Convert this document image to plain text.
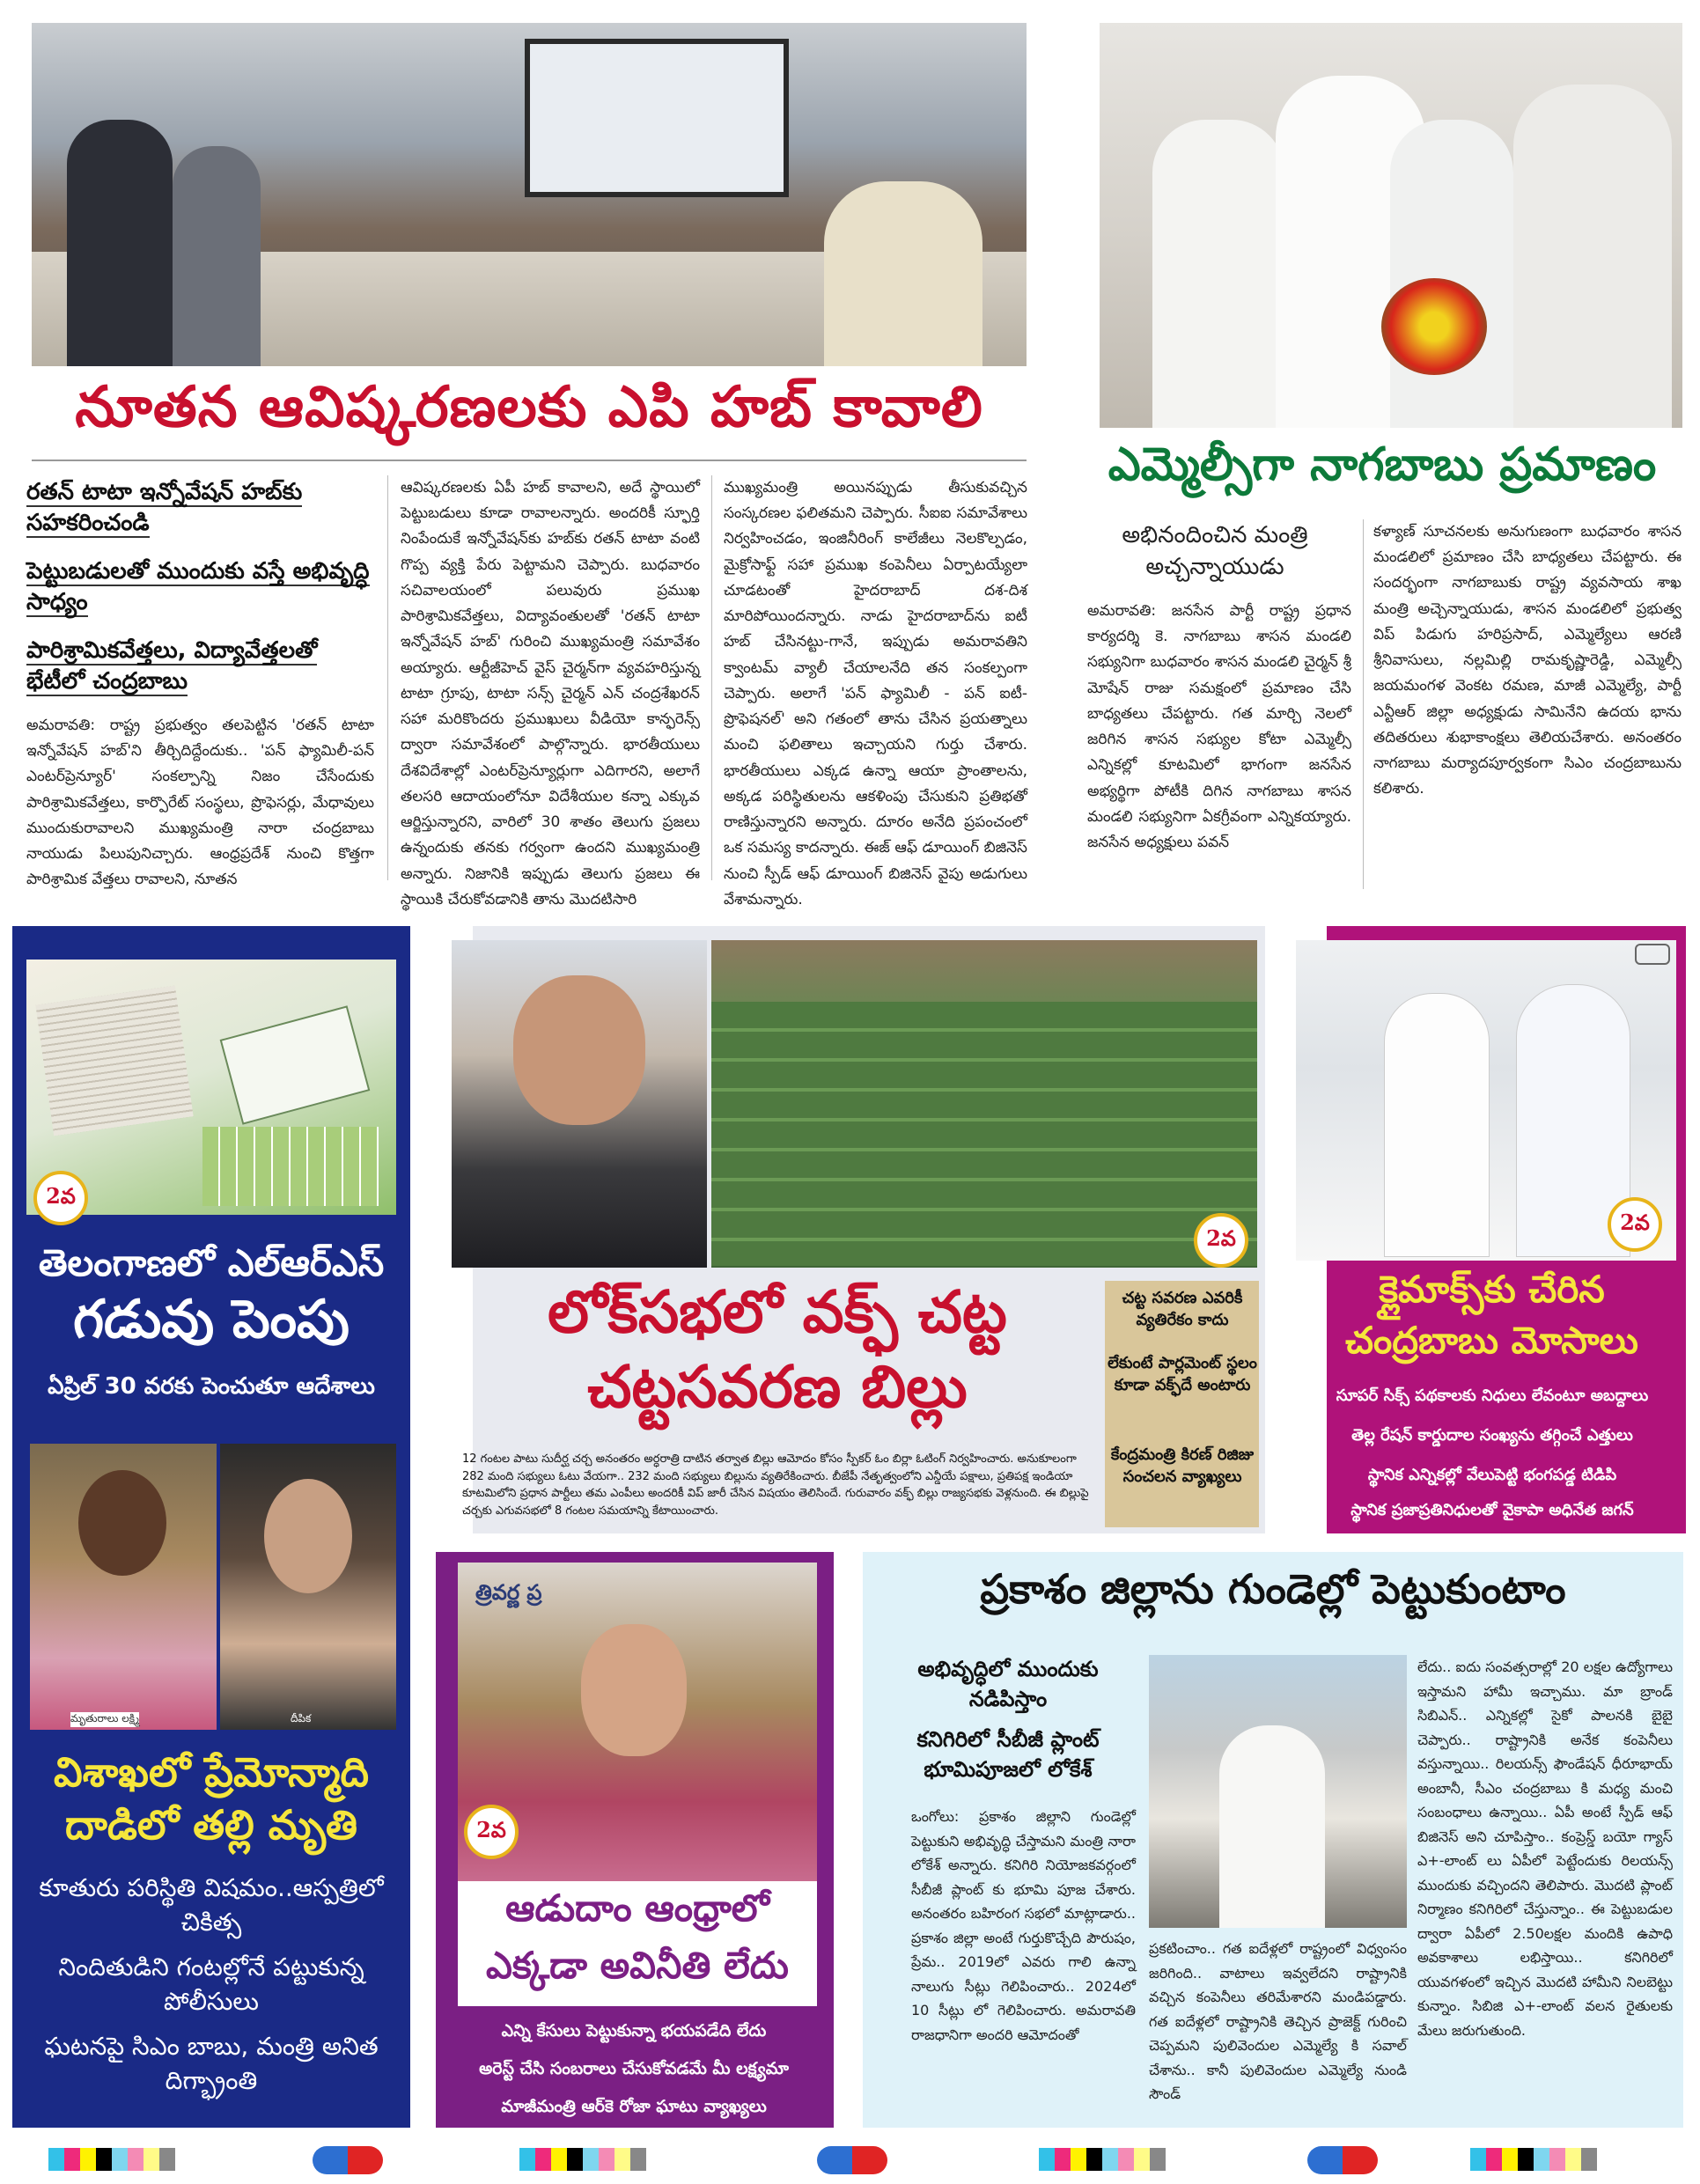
నూతన ఆవిష్కరణలకు ఎపి హబ్ కావాలి
రతన్ టాటా ఇన్నోవేషన్ హబ్‌కు సహకరించండి
పెట్టుబడులతో ముందుకు వస్తే అభివృద్ధి సాధ్యం
పారిశ్రామికవేత్తలు, విద్యావేత్తలతో భేటీలో చంద్రబాబు
అమరావతి: రాష్ట్ర ప్రభుత్వం తలపెట్టిన 'రతన్ టాటా ఇన్నోవేషన్ హబ్‌'ని తీర్చిదిద్దేందుకు.. 'పన్ ఫ్యామిలీ-పన్ ఎంటర్‌ప్రెన్యూర్' సంకల్పాన్ని నిజం చేసేందుకు పారిశ్రామికవేత్తలు, కార్పొరేట్ సంస్థలు, ప్రొఫెసర్లు, మేధావులు ముందుకురావాలని ముఖ్యమంత్రి నారా చంద్రబాబు నాయుడు పిలుపునిచ్చారు. ఆంధ్రప్రదేశ్ నుంచి కొత్తగా పారిశ్రామిక వేత్తలు రావాలని, నూతన
ఆవిష్కరణలకు ఏపీ హబ్ కావాలని, అదే స్థాయిలో పెట్టుబడులు కూడా రావాలన్నారు. అందరికీ స్ఫూర్తి నింపేందుకే ఇన్నోవేషన్‌కు హబ్‌కు రతన్ టాటా వంటి గొప్ప వ్యక్తి పేరు పెట్టామని చెప్పారు. బుధవారం సచివాలయంలో పలువురు ప్రముఖ పారిశ్రామికవేత్తలు, విద్యావంతులతో 'రతన్ టాటా ఇన్నోవేషన్ హబ్‌' గురించి ముఖ్యమంత్రి సమావేశం అయ్యారు. ఆర్టీజీహెచ్ వైస్ చైర్మన్‌గా వ్యవహరిస్తున్న టాటా గ్రూపు, టాటా సన్స్ చైర్మన్ ఎన్ చంద్రశేఖరన్ సహా మరికొందరు ప్రముఖులు వీడియో కాన్ఫరెన్స్ ద్వారా సమావేశంలో పాల్గొన్నారు. భారతీయులు దేశవిదేశాల్లో ఎంటర్‌ప్రెన్యూర్లుగా ఎదిగారని, అలాగే తలసరి ఆదాయంలోనూ విదేశీయుల కన్నా ఎక్కువ ఆర్జిస్తున్నారని, వారిలో 30 శాతం తెలుగు ప్రజలు ఉన్నందుకు తనకు గర్వంగా ఉందని ముఖ్యమంత్రి అన్నారు. నిజానికి ఇప్పుడు తెలుగు ప్రజలు ఈ స్థాయికి చేరుకోవడానికి తాను మొదటిసారి
ముఖ్యమంత్రి అయినప్పుడు తీసుకువచ్చిన సంస్కరణల ఫలితమని చెప్పారు. సీఐఐ సమావేశాలు నిర్వహించడం, ఇంజినీరింగ్ కాలేజీలు నెలకొల్పడం, మైక్రోసాఫ్ట్ సహా ప్రముఖ కంపెనీలు ఏర్పాటయ్యేలా చూడటంతో హైదరాబాద్ దశ-దిశ మారిపోయిందన్నారు. నాడు హైదరాబాద్‌ను ఐటీ హబ్ చేసినట్టు-గానే, ఇప్పుడు అమరావతిని క్వాంటమ్ వ్యాలీ చేయాలనేది తన సంకల్పంగా చెప్పారు. అలాగే 'పన్ ఫ్యామిలీ - పన్ ఐటీ- ప్రొఫెషనల్' అని గతంలో తాను చేసిన ప్రయత్నాలు మంచి ఫలితాలు ఇచ్చాయని గుర్తు చేశారు. భారతీయులు ఎక్కడ ఉన్నా ఆయా ప్రాంతాలను, అక్కడ పరిస్థితులను ఆకళింపు చేసుకుని ప్రతిభతో రాణిస్తున్నారని అన్నారు. దూరం అనేది ప్రపంచంలో ఒక సమస్య కాదన్నారు. ఈజ్ ఆఫ్ డూయింగ్ బిజినెస్ నుంచి స్పీడ్ ఆఫ్ డూయింగ్ బిజినెస్ వైపు అడుగులు వేశామన్నారు.
ఎమ్మెల్సీగా నాగబాబు ప్రమాణం
అభినందించిన మంత్రి అచ్చన్నాయుడు
అమరావతి: జనసేన పార్టీ రాష్ట్ర ప్రధాన కార్యదర్శి కె. నాగబాబు శాసన మండలి సభ్యునిగా బుధవారం శాసన మండలి చైర్మన్ శ్రీ మోషేన్ రాజు సమక్షంలో ప్రమాణం చేసి బాధ్యతలు చేపట్టారు. గత మార్చి నెలలో జరిగిన శాసన సభ్యుల కోటా ఎమ్మెల్సీ ఎన్నికల్లో కూటమిలో భాగంగా జనసేన అభ్యర్థిగా పోటీకి దిగిన నాగబాబు శాసన మండలి సభ్యునిగా ఏకగ్రీవంగా ఎన్నికయ్యారు. జనసేన అధ్యక్షులు పవన్
కళ్యాణ్ సూచనలకు అనుగుణంగా బుధవారం శాసన మండలిలో ప్రమాణం చేసి బాధ్యతలు చేపట్టారు. ఈ సందర్భంగా నాగబాబుకు రాష్ట్ర వ్యవసాయ శాఖ మంత్రి అచ్చెన్నాయుడు, శాసన మండలిలో ప్రభుత్వ విప్ పిడుగు హరిప్రసాద్, ఎమ్మెల్యేలు ఆరణి శ్రీనివాసులు, నల్లమిల్లి రామకృష్ణారెడ్డి, ఎమ్మెల్సీ జయమంగళ వెంకట రమణ, మాజీ ఎమ్మెల్యే, పార్టీ ఎన్టీఆర్ జిల్లా అధ్యక్షుడు సామినేని ఉదయ భాను తదితరులు శుభాకాంక్షలు తెలియచేశారు. అనంతరం నాగబాబు మర్యాదపూర్వకంగా సిఎం చంద్రబాబును కలిశారు.
2వ
తెలంగాణలో ఎల్‌ఆర్‌ఎస్
గడువు పెంపు
ఏప్రిల్ 30 వరకు పెంచుతూ ఆదేశాలు
మృతురాలు లక్ష్మి	దీపిక
విశాఖలో ప్రేమోన్మాది
దాడిలో తల్లి మృతి
కూతురు పరిస్థితి విషమం..ఆస్పత్రిలో చికిత్స
నిందితుడిని గంటల్లోనే పట్టుకున్న పోలీసులు
ఘటనపై సిఎం బాబు, మంత్రి అనిత దిగ్భ్రాంతి
2వ
లోక్‌సభలో వక్ఫ్ చట్ట
చట్టసవరణ బిల్లు
చట్ట సవరణ ఎవరికీ వ్యతిరేకం కాదు
లేకుంటే పార్లమెంట్ స్థలం కూడా వక్ఫ్‌దే అంటారు
కేంద్రమంత్రి కిరణ్ రిజిజు సంచలన వ్యాఖ్యలు
12 గంటల పాటు సుదీర్ఘ చర్చ అనంతరం అర్ధరాత్రి దాటిన తర్వాత బిల్లు ఆమోదం కోసం స్పీకర్ ఓం బిర్లా ఓటింగ్ నిర్వహించారు. అనుకూలంగా 282 మంది సభ్యులు ఓటు వేయగా.. 232 మంది సభ్యులు బిల్లును వ్యతిరేకించారు. బీజేపీ నేతృత్వంలోని ఎన్డీయే పక్షాలు, ప్రతిపక్ష ఇండియా కూటమిలోని ప్రధాన పార్టీలు తమ ఎంపీలు అందరికీ విప్ జారీ చేసిన విషయం తెలిసిందే. గురువారం వక్ఫ్ బిల్లు రాజ్యసభకు వెళ్లనుంది. ఈ బిల్లుపై చర్చకు ఎగువసభలో 8 గంటల సమయాన్ని కేటాయించారు.
2వ
క్లైమాక్స్‌కు చేరిన
చంద్రబాబు మోసాలు
సూపర్ సిక్స్ పథకాలకు నిధులు లేవంటూ అబద్దాలు
తెల్ల రేషన్ కార్డుదాల సంఖ్యను తగ్గించే ఎత్తులు
స్థానిక ఎన్నికల్లో వేలుపెట్టి భంగపడ్డ టిడిపి
స్థానిక ప్రజాప్రతినిధులతో వైకాపా అధినేత జగన్
త్రివర్ణ ప్ర
2వ
ఆడుదాం ఆంధ్రాలో
ఎక్కడా అవినీతి లేదు
ఎన్ని కేసులు పెట్టుకున్నా భయపడేది లేదు
అరెస్ట్ చేసి సంబరాలు చేసుకోవడమే మీ లక్ష్యమా
మాజీమంత్రి ఆర్‌కె రోజా ఘాటు వ్యాఖ్యలు
ప్రకాశం జిల్లాను గుండెల్లో పెట్టుకుంటాం
అభివృద్ధిలో ముందుకు నడిపిస్తాం
కనిగిరిలో సీబీజీ ప్లాంట్ భూమిపూజలో లోకేశ్
ఒంగోలు: ప్రకాశం జిల్లాని గుండెల్లో పెట్టుకుని అభివృద్ధి చేస్తామని మంత్రి నారా లోకేశ్ అన్నారు. కనిగిరి నియోజకవర్గంలో సీబీజీ ప్లాంట్ కు భూమి పూజ చేశారు. అనంతరం బహిరంగ సభలో మాట్లాడారు.. ప్రకాశం జిల్లా అంటే గుర్తుకొచ్చేది పౌరుషం, ప్రేమ.. 2019లో ఎవరు గాలి ఉన్నా నాలుగు సీట్లు గెలిపించారు.. 2024లో 10 సీట్లు లో గెలిపించారు. అమరావతి రాజధానిగా అందరి ఆమోదంతో
ప్రకటించాం.. గత ఐదేళ్లలో రాష్ట్రంలో విధ్వంసం జరిగింది.. వాటాలు ఇవ్వలేదని రాష్ట్రానికి వచ్చిన కంపెనీలు తరిమేశారని మండిపడ్డారు. గత ఐదేళ్లలో రాష్ట్రానికి తెచ్చిన ప్రాజెక్ట్ గురించి చెప్పమని పులివెందుల ఎమ్మెల్యే కి సవాల్ చేశాను.. కానీ పులివెందుల ఎమ్మెల్యే నుండి సౌండ్
లేదు.. ఐదు సంవత్సరాల్లో 20 లక్షల ఉద్యోగాలు ఇస్తామని హామీ ఇచ్చాము. మా బ్రాండ్ సిబిఎన్.. ఎన్నికల్లో సైకో పాలనకి బైబై చెప్పారు.. రాష్ట్రానికి అనేక కంపెనీలు వస్తున్నాయి.. రిలయన్స్ ఫౌండేషన్ ధీరూభాయ్ అంబానీ, సీఎం చంద్రబాబు కి మధ్య మంచి సంబంధాలు ఉన్నాయి.. ఏపీ అంటే స్పీడ్ ఆఫ్ బిజినెస్ అని చూపిస్తాం.. కంప్రెస్డ్ బయో గ్యాస్ ఎ+-లాంట్ లు ఏపీలో పెట్టేందుకు రిలయన్స్ ముందుకు వచ్చిందని తెలిపారు. మొదటి ప్లాంట్ నిర్మాణం కనిగిరిలో చేస్తున్నాం.. ఈ పెట్టుబడుల ద్వారా ఏపీలో 2.50లక్షల మందికి ఉపాధి అవకాశాలు లభిస్తాయి.. కనిగిరిలో యువగళంలో ఇచ్చిన మొదటి హామీని నిలబెట్టు కున్నాం. సిబిజి ఎ+-లాంట్ వలన రైతులకు మేలు జరుగుతుంది.
